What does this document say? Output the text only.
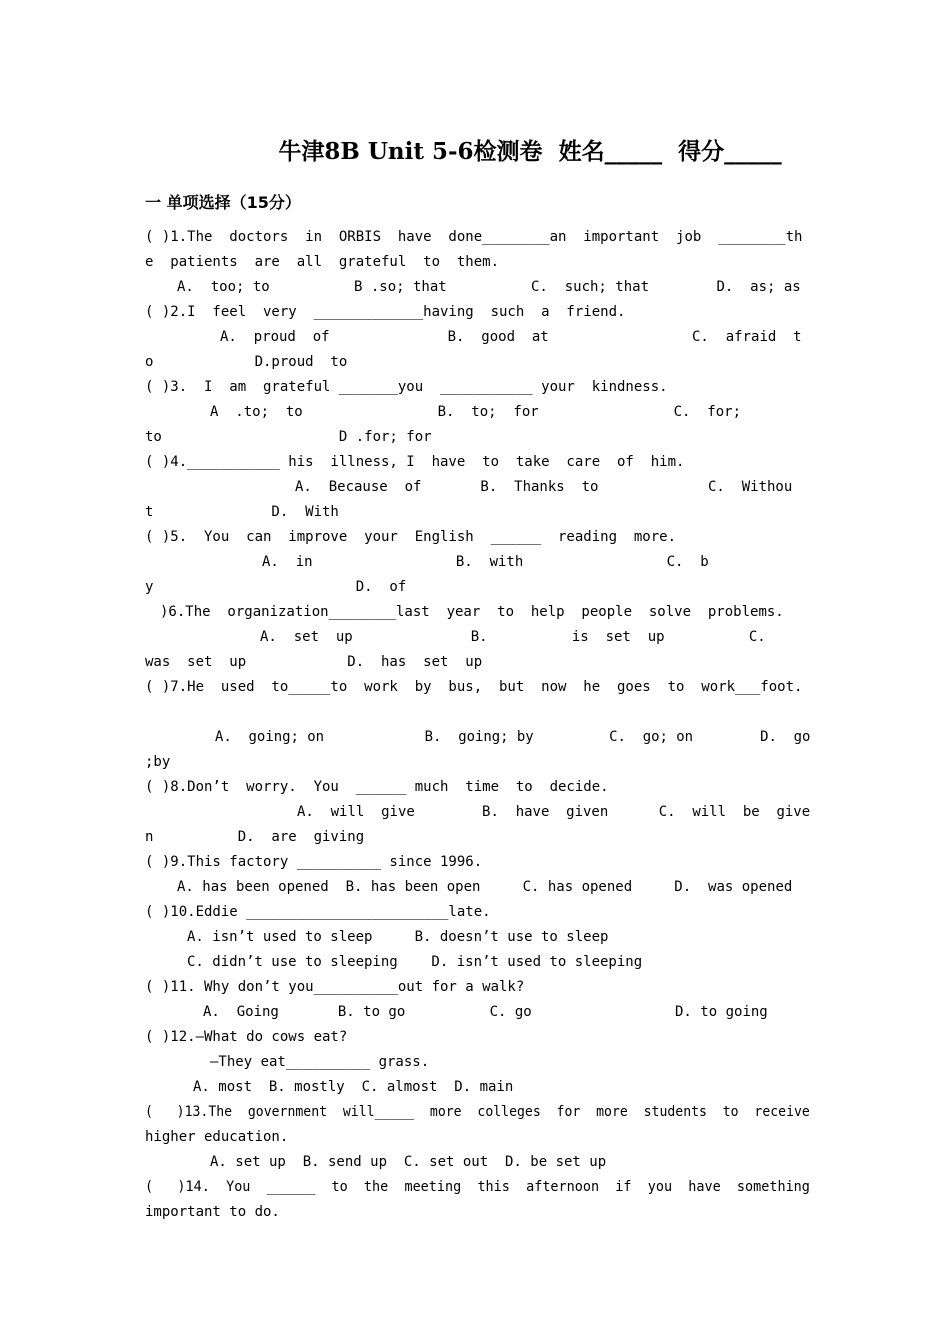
牛津8B Unit 5-6检测卷  姓名_____  得分_____
一 单项选择（15分）
( )1.The  doctors  in  ORBIS  have  done________an  important  job  ________th
e  patients  are  all  grateful  to  them.
A.  too; to          B .so; that          C.  such; that        D.  as; as
( )2.I  feel  very  _____________having  such  a  friend.
A.  proud  of              B.  good  at                 C.  afraid  t
o            D.proud  to
( )3.  I  am  grateful _______you  ___________ your  kindness.
A  .to;  to                B.  to;  for                C.  for;
to                     D .for; for
( )4.___________ his  illness, I  have  to  take  care  of  him.
A.  Because  of       B.  Thanks  to             C.  Withou
t              D.  With
( )5.  You  can  improve  your  English  ______  reading  more.
A.  in                 B.  with                 C.  b
y                        D.  of
)6.The  organization________last  year  to  help  people  solve  problems.
A.  set  up              B.          is  set  up          C.
was  set  up            D.  has  set  up
( )7.He  used  to_____to  work  by  bus,  but  now  he  goes  to  work___foot.
A.  going; on            B.  going; by         C.  go; on        D.  go
;by
( )8.Don’t  worry.  You  ______ much  time  to  decide.
A.  will  give        B.  have  given      C.  will  be  give
n          D.  are  giving
( )9.This factory __________ since 1996.
A. has been opened  B. has been open     C. has opened     D.  was opened
( )10.Eddie ________________________late.
A. isn’t used to sleep     B. doesn’t use to sleep
C. didn’t use to sleeping    D. isn’t used to sleeping
( )11. Why don’t you__________out for a walk?
A.  Going       B. to go          C. go                 D. to going
( )12.—What do cows eat?
—They eat__________ grass.
A. most  B. mostly  C. almost  D. main
(   )13.The  government  will_____  more  colleges  for  more  students  to  receive
higher education.
A. set up  B. send up  C. set out  D. be set up
(   )14.  You  ______  to  the  meeting  this  afternoon  if  you  have  something
important to do.
